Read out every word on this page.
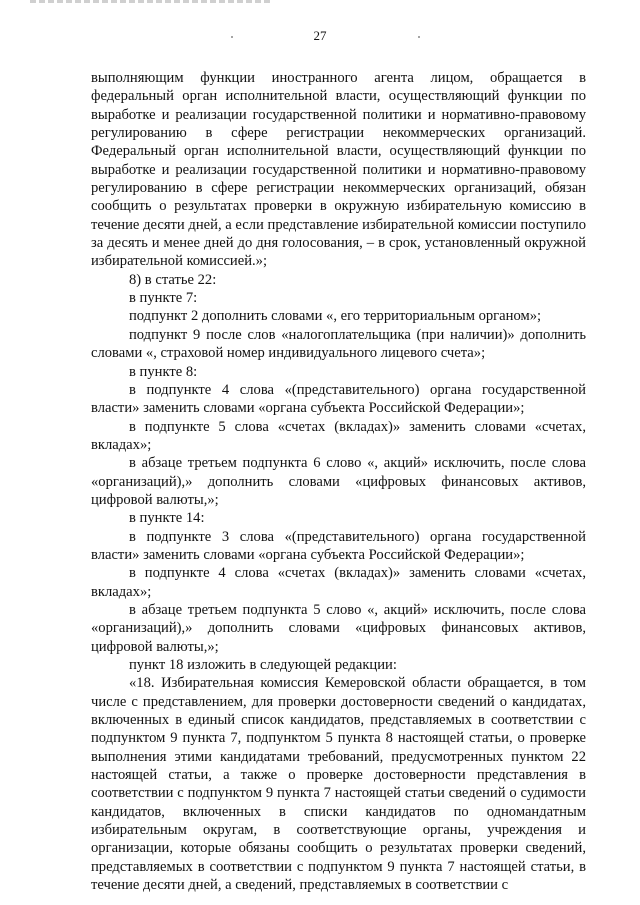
27

выполняющим функции иностранного агента лицом, обращается в федеральный орган исполнительной власти, осуществляющий функции по выработке и реализации государственной политики и нормативно-правовому регулированию в сфере регистрации некоммерческих организаций. Федеральный орган исполнительной власти, осуществляющий функции по выработке и реализации государственной политики и нормативно-правовому регулированию в сфере регистрации некоммерческих организаций, обязан сообщить о результатах проверки в окружную избирательную комиссию в течение десяти дней, а если представление избирательной комиссии поступило за десять и менее дней до дня голосования, – в срок, установленный окружной избирательной комиссией.»;

8) в статье 22:

в пункте 7:

подпункт 2 дополнить словами «, его территориальным органом»;

подпункт 9 после слов «налогоплательщика (при наличии)» дополнить словами «, страховой номер индивидуального лицевого счета»;

в пункте 8:

в подпункте 4 слова «(представительного) органа государственной власти» заменить словами «органа субъекта Российской Федерации»;

в подпункте 5 слова «счетах (вкладах)» заменить словами «счетах, вкладах»;

в абзаце третьем подпункта 6 слово «, акций» исключить, после слова «организаций),» дополнить словами «цифровых финансовых активов, цифровой валюты,»;

в пункте 14:

в подпункте 3 слова «(представительного) органа государственной власти» заменить словами «органа субъекта Российской Федерации»;

в подпункте 4 слова «счетах (вкладах)» заменить словами «счетах, вкладах»;

в абзаце третьем подпункта 5 слово «, акций» исключить, после слова «организаций),» дополнить словами «цифровых финансовых активов, цифровой валюты,»;

пункт 18 изложить в следующей редакции:

«18. Избирательная комиссия Кемеровской области обращается, в том числе с представлением, для проверки достоверности сведений о кандидатах, включенных в единый список кандидатов, представляемых в соответствии с подпунктом 9 пункта 7, подпунктом 5 пункта 8 настоящей статьи, о проверке выполнения этими кандидатами требований, предусмотренных пунктом 22 настоящей статьи, а также о проверке достоверности представления в соответствии с подпунктом 9 пункта 7 настоящей статьи сведений о судимости кандидатов, включенных в списки кандидатов по одномандатным избирательным округам, в соответствующие органы, учреждения и организации, которые обязаны сообщить о результатах проверки сведений, представляемых в соответствии с подпунктом 9 пункта 7 настоящей статьи, в течение десяти дней, а сведений, представляемых в соответствии с
